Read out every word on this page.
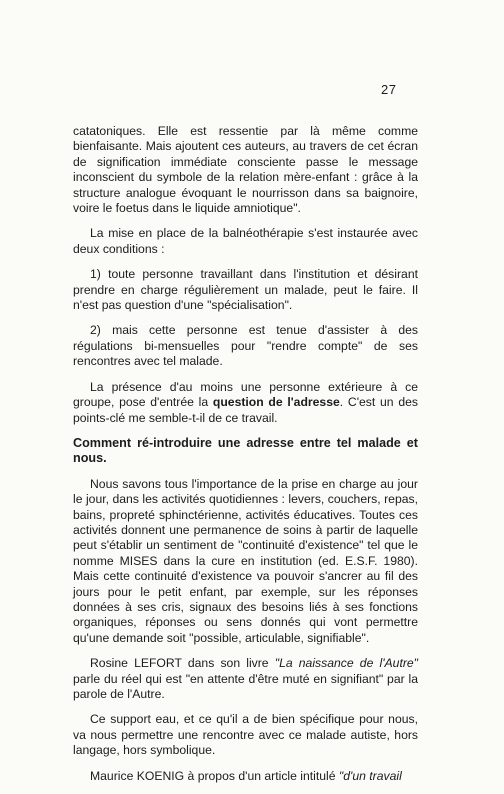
27

catatoniques. Elle est ressentie par là même comme bienfaisante. Mais ajoutent ces auteurs, au travers de cet écran de signification immédiate consciente passe le message inconscient du symbole de la relation mère-enfant : grâce à la structure analogue évoquant le nourrisson dans sa baignoire, voire le foetus dans le liquide amniotique".

La mise en place de la balnéothérapie s'est instaurée avec deux conditions :

1) toute personne travaillant dans l'institution et désirant prendre en charge régulièrement un malade, peut le faire. Il n'est pas question d'une "spécialisation".

2) mais cette personne est tenue d'assister à des régulations bi-mensuelles pour "rendre compte" de ses rencontres avec tel malade.

La présence d'au moins une personne extérieure à ce groupe, pose d'entrée la question de l'adresse. C'est un des points-clé me semble-t-il de ce travail.

Comment ré-introduire une adresse entre tel malade et nous.

Nous savons tous l'importance de la prise en charge au jour le jour, dans les activités quotidiennes : levers, couchers, repas, bains, propreté sphinctérienne, activités éducatives. Toutes ces activités donnent une permanence de soins à partir de laquelle peut s'établir un sentiment de "continuité d'existence" tel que le nomme MISES dans la cure en institution (ed. E.S.F. 1980). Mais cette continuité d'existence va pouvoir s'ancrer au fil des jours pour le petit enfant, par exemple, sur les réponses données à ses cris, signaux des besoins liés à ses fonctions organiques, réponses ou sens donnés qui vont permettre qu'une demande soit "possible, articulable, signifiable".

Rosine LEFORT dans son livre "La naissance de l'Autre" parle du réel qui est "en attente d'être muté en signifiant" par la parole de l'Autre.

Ce support eau, et ce qu'il a de bien spécifique pour nous, va nous permettre une rencontre avec ce malade autiste, hors langage, hors symbolique.

Maurice KOENIG à propos d'un article intitulé "d'un travail
